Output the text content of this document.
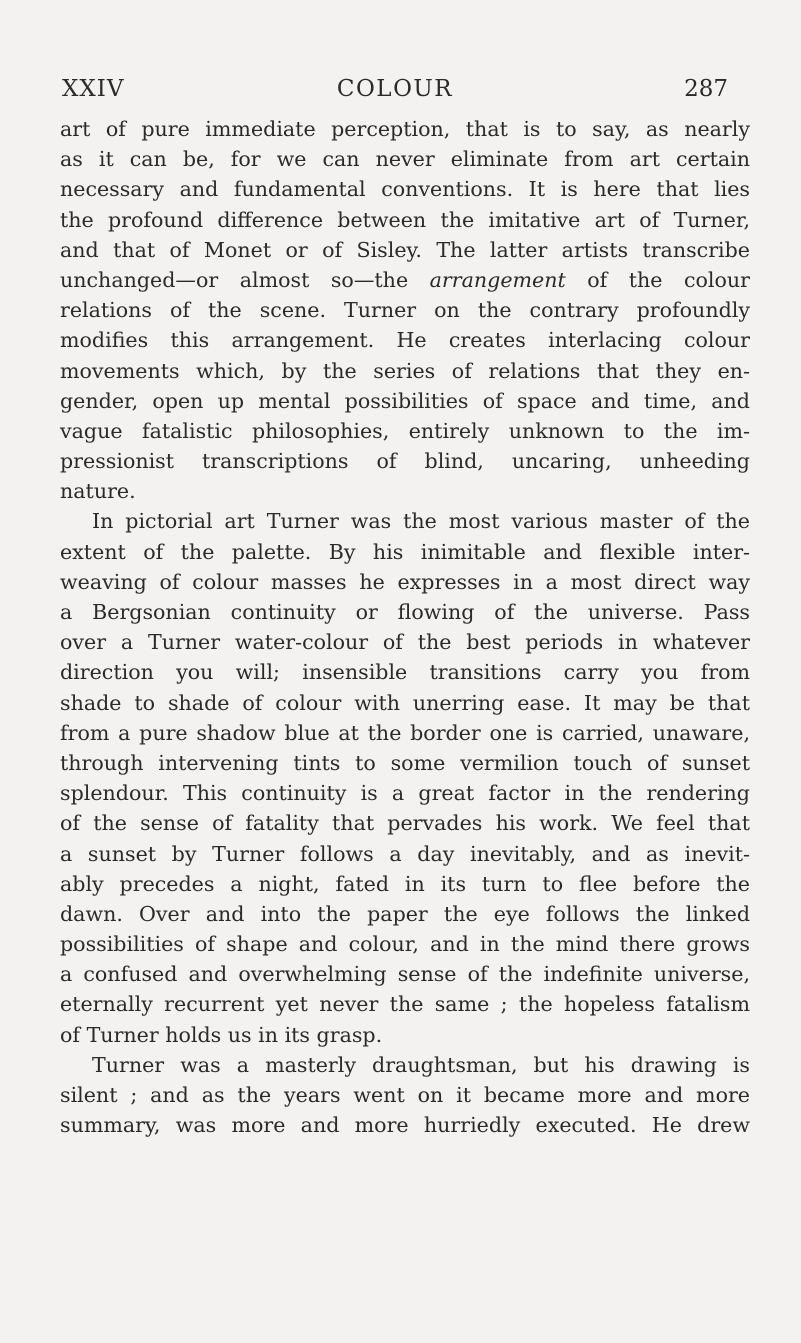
XXIV	COLOUR	287
art of pure immediate perception, that is to say, as nearly
as it can be, for we can never eliminate from art certain
necessary and fundamental conventions. It is here that lies
the profound difference between the imitative art of Turner,
and that of Monet or of Sisley. The latter artists transcribe
unchanged—or almost so—the arrangement of the colour
relations of the scene. Turner on the contrary profoundly
modifies this arrangement. He creates interlacing colour
movements which, by the series of relations that they en-
gender, open up mental possibilities of space and time, and
vague fatalistic philosophies, entirely unknown to the im-
pressionist transcriptions of blind, uncaring, unheeding
nature.
In pictorial art Turner was the most various master of the
extent of the palette. By his inimitable and flexible inter-
weaving of colour masses he expresses in a most direct way
a Bergsonian continuity or flowing of the universe. Pass
over a Turner water-colour of the best periods in whatever
direction you will; insensible transitions carry you from
shade to shade of colour with unerring ease. It may be that
from a pure shadow blue at the border one is carried, unaware,
through intervening tints to some vermilion touch of sunset
splendour. This continuity is a great factor in the rendering
of the sense of fatality that pervades his work. We feel that
a sunset by Turner follows a day inevitably, and as inevit-
ably precedes a night, fated in its turn to flee before the
dawn. Over and into the paper the eye follows the linked
possibilities of shape and colour, and in the mind there grows
a confused and overwhelming sense of the indefinite universe,
eternally recurrent yet never the same ; the hopeless fatalism
of Turner holds us in its grasp.
Turner was a masterly draughtsman, but his drawing is
silent ; and as the years went on it became more and more
summary, was more and more hurriedly executed. He drew
